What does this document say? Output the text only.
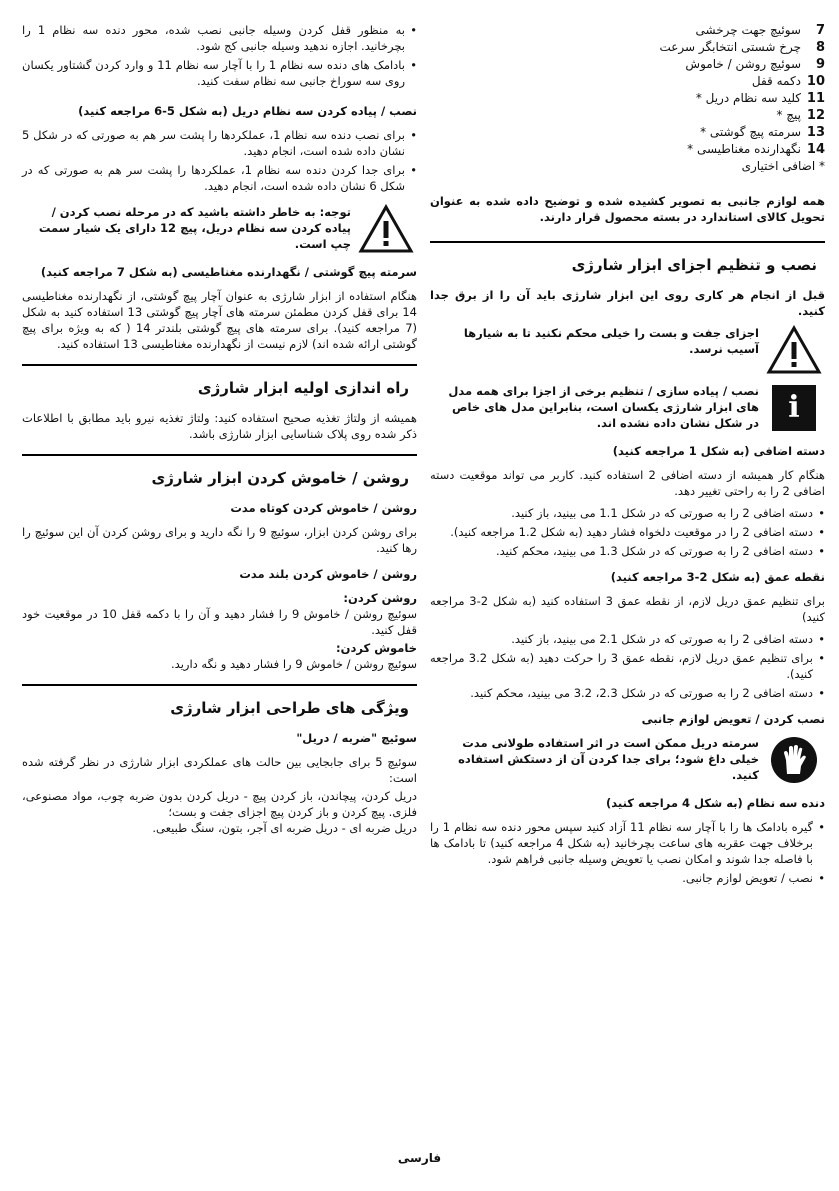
7
سوئیچ جهت چرخشی
8
چرخ شستی انتخابگر سرعت
9
سوئیچ روشن / خاموش
10
دکمه قفل
11
کلید سه نظام دریل *
12
پیچ *
13
سرمته پیچ گوشتی *
14
نگهدارنده مغناطیسی *
* اضافی اختیاری

همه لوازم جانبی به تصویر کشیده شده و توضیح داده شده به عنوان تحویل کالای استاندارد در بسته محصول قرار دارند.

نصب و تنظیم اجزای ابزار شارژی

قبل از انجام هر کاری روی این ابزار شارژی باید آن را از برق جدا کنید.

اجزای جفت و بست را خیلی محکم نکنید تا به شیارها آسیب نرسد.
i
نصب / پیاده سازی / تنظیم برخی از اجزا برای همه مدل های ابزار شارژی یکسان است، بنابراین مدل های خاص در شکل نشان داده نشده اند.
دسته اضافی (به شکل 1 مراجعه کنید)

هنگام کار همیشه از دسته اضافی 2 استفاده کنید. کاربر می تواند موقعیت دسته اضافی 2 را به راحتی تغییر دهد.

• دسته اضافی 2 را به صورتی که در شکل 1.1 می بینید، باز کنید.
• دسته اضافی 2 را در موقعیت دلخواه فشار دهید (به شکل 1.2 مراجعه کنید).
• دسته اضافی 2 را به صورتی که در شکل 1.3 می بینید، محکم کنید.
نقطه عمق (به شکل 2-3 مراجعه کنید)

برای تنظیم عمق دریل لازم، از نقطه عمق 3 استفاده کنید (به شکل 2-3 مراجعه کنید)

• دسته اضافی 2 را به صورتی که در شکل 2.1 می بینید، باز کنید.
• برای تنظیم عمق دریل لازم، نقطه عمق 3 را حرکت دهید (به شکل 3.2 مراجعه کنید).
• دسته اضافی 2 را به صورتی که در شکل 2.3، 3.2 می بینید، محکم کنید.
نصب کردن / تعویض لوازم جانبی
سرمته دریل ممکن است در اثر استفاده طولانی مدت خیلی داغ شود؛ برای جدا کردن آن از دستکش استفاده کنید.
دنده سه نظام (به شکل 4 مراجعه کنید)
• گیره بادامک ها را با آچار سه نظام 11 آزاد کنید سپس محور دنده سه نظام 1 را برخلاف جهت عقربه های ساعت بچرخانید (به شکل 4 مراجعه کنید) تا بادامک ها با فاصله جدا شوند و امکان نصب یا تعویض وسیله جانبی فراهم شود.
• نصب / تعویض لوازم جانبی.
• به منظور قفل کردن وسیله جانبی نصب شده، محور دنده سه نظام 1 را بچرخانید. اجازه ندهید وسیله جانبی کج شود.
• بادامک های دنده سه نظام 1 را با آچار سه نظام 11 و وارد کردن گشتاور یکسان روی سه سوراخ جانبی سه نظام سفت کنید.
نصب / پیاده کردن سه نظام دریل (به شکل 5-6 مراجعه کنید)
• برای نصب دنده سه نظام 1، عملکردها را پشت سر هم به صورتی که در شکل 5 نشان داده شده است، انجام دهید.
• برای جدا کردن دنده سه نظام 1، عملکردها را پشت سر هم به صورتی که در شکل 6 نشان داده شده است، انجام دهید.
توجه: به خاطر داشته باشید که در مرحله نصب کردن / پیاده کردن سه نظام دریل، پیچ 12 دارای یک شیار سمت چپ است.
سرمته پیچ گوشتی / نگهدارنده مغناطیسی (به شکل 7 مراجعه کنید)

هنگام استفاده از ابزار شارژی به عنوان آچار پیچ گوشتی، از نگهدارنده مغناطیسی 14 برای قفل کردن مطمئن سرمته های آچار پیچ گوشتی 13 استفاده کنید به شکل (7 مراجعه کنید). برای سرمته های پیچ گوشتی بلندتر 14 ( که به ویژه برای پیچ گوشتی ارائه شده اند) لازم نیست از نگهدارنده مغناطیسی 13 استفاده کنید.

راه اندازی اولیه ابزار شارژی

همیشه از ولتاژ تغذیه صحیح استفاده کنید: ولتاژ تغذیه نیرو باید مطابق با اطلاعات ذکر شده روی پلاک شناسایی ابزار شارژی باشد.

روشن / خاموش کردن ابزار شارژی
روشن / خاموش کردن کوتاه مدت

برای روشن کردن ابزار، سوئیچ 9 را نگه دارید و برای روشن کردن آن این سوئیچ را رها کنید.

روشن / خاموش کردن بلند مدت
روشن کردن:

سوئیچ روشن / خاموش 9 را فشار دهید و آن را با دکمه قفل 10 در موقعیت خود قفل کنید.

خاموش کردن:

سوئیچ روشن / خاموش 9 را فشار دهید و نگه دارید.

ویژگی های طراحی ابزار شارژی
سوئیچ "ضربه / دریل"

سوئیچ 5 برای جابجایی بین حالت های عملکردی ابزار شارژی در نظر گرفته شده است:

دریل کردن، پیچاندن، باز کردن پیچ - دریل کردن بدون ضربه چوب، مواد مصنوعی، فلزی. پیچ کردن و باز کردن پیچ اجزای جفت و بست؛

دریل ضربه ای - دریل ضربه ای آجر، بتون، سنگ طبیعی.

فارسی
